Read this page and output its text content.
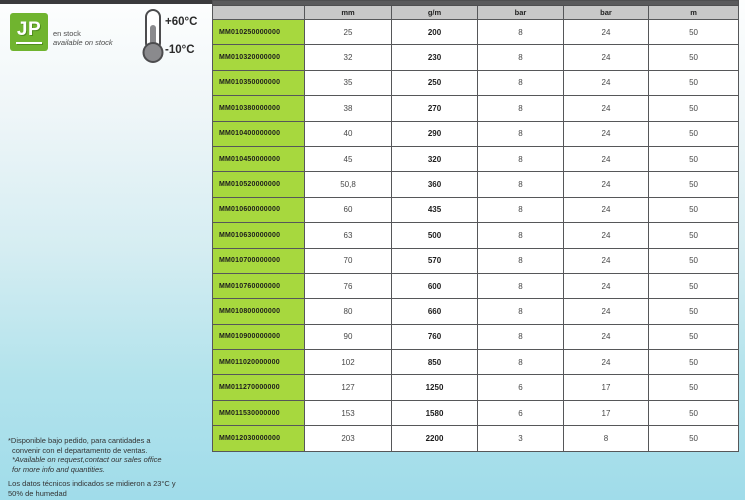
JP	en stock
available on stock
+60°C
-10°C

	mm	g/m	bar	bar	m
MM010250000000	25	200	8	24	50
MM010320000000	32	230	8	24	50
MM010350000000	35	250	8	24	50
MM010380000000	38	270	8	24	50
MM010400000000	40	290	8	24	50
MM010450000000	45	320	8	24	50
MM010520000000	50,8	360	8	24	50
MM010600000000	60	435	8	24	50
MM010630000000	63	500	8	24	50
MM010700000000	70	570	8	24	50
MM010760000000	76	600	8	24	50
MM010800000000	80	660	8	24	50
MM010900000000	90	760	8	24	50
MM011020000000	102	850	8	24	50
MM011270000000	127	1250	6	17	50
MM011530000000	153	1580	6	17	50
MM012030000000	203	2200	3	8	50
*Disponible bajo pedido, para cantidades a
convenir con el departamento de ventas.
*Available on request,contact our sales office
for more info and quantities.
Los datos técnicos indicados se midieron a 23°C y
50% de humedad
